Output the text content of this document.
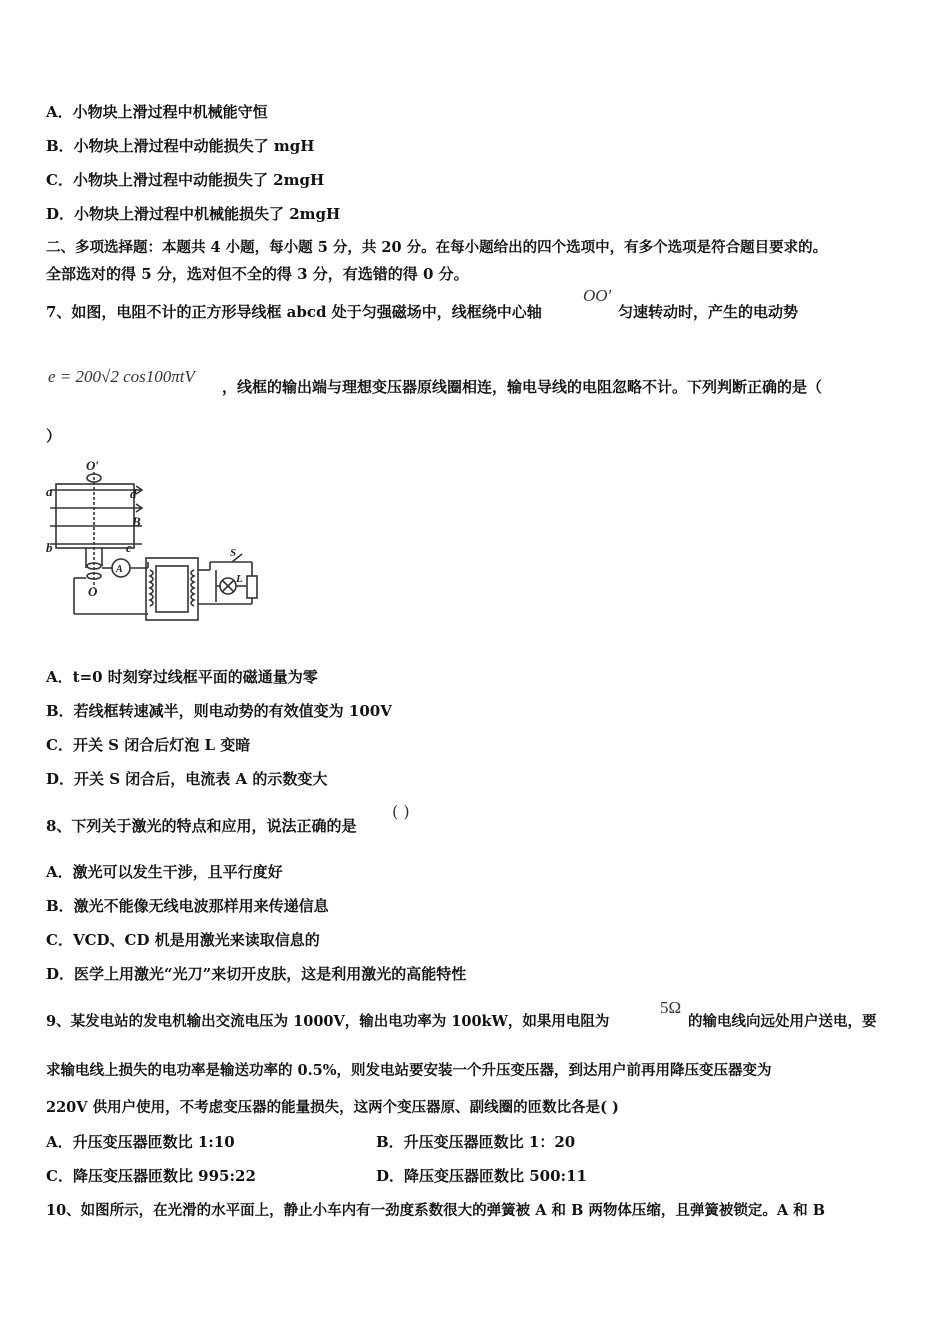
A．小物块上滑过程中机械能守恒
B．小物块上滑过程中动能损失了 mgH
C．小物块上滑过程中动能损失了 2mgH
D．小物块上滑过程中机械能损失了 2mgH
二、多项选择题：本题共 4 小题，每小题 5 分，共 20 分。在每小题给出的四个选项中，有多个选项是符合题目要求的。
全部选对的得 5 分，选对但不全的得 3 分，有选错的得 0 分。
7、如图，电阻不计的正方形导线框 abcd 处于匀强磁场中，线框绕中心轴
OO′
匀速转动时，产生的电动势
e = 200√2 cos100πtV
，线框的输出端与理想变压器原线圈相连，输电导线的电阻忽略不计。下列判断正确的是（
）
O′
a	d
B
b	c
A
O
S
L
A．t=0 时刻穿过线框平面的磁通量为零
B．若线框转速减半，则电动势的有效值变为 100V
C．开关 S 闭合后灯泡 L 变暗
D．开关 S 闭合后，电流表 A 的示数变大
8、下列关于激光的特点和应用，说法正确的是
( )
A．激光可以发生干涉，且平行度好
B．激光不能像无线电波那样用来传递信息
C．VCD、CD 机是用激光来读取信息的
D．医学上用激光“光刀”来切开皮肤，这是利用激光的高能特性
9、某发电站的发电机输出交流电压为 1000V，输出电功率为 100kW，如果用电阻为
5Ω
的输电线向远处用户送电，要
求输电线上损失的电功率是输送功率的 0.5%，则发电站要安装一个升压变压器，到达用户前再用降压变压器变为
220V 供用户使用，不考虑变压器的能量损失，这两个变压器原、副线圈的匝数比各是( )
A．升压变压器匝数比 1:10	B．升压变压器匝数比 1：20
C．降压变压器匝数比 995:22	D．降压变压器匝数比 500:11
10、如图所示，在光滑的水平面上，静止小车内有一劲度系数很大的弹簧被 A 和 B 两物体压缩，且弹簧被锁定。A 和 B
